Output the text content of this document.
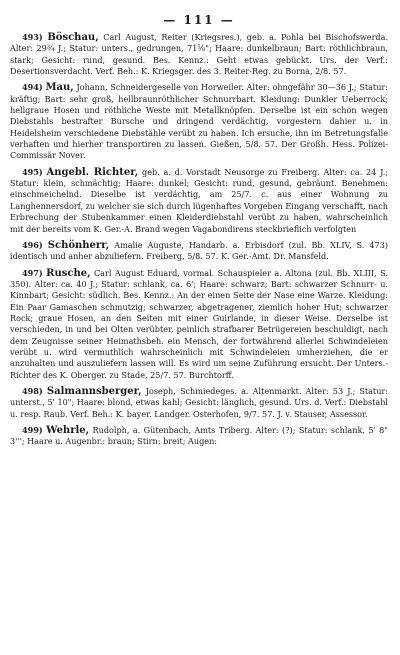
— 111 —

493) Böschau, Carl August, Reiter (Kriegsres.), geb. a. Pohla bei Bischofswerda. Alter: 29¾ J.; Statur: unters., gedrungen, 71⅝"; Haare: dunkelbraun; Bart: röthlichbraun, stark; Gesicht: rund, gesund. Bes. Kennz.: Geht etwas gebückt. Urs. der Verf.: Desertionsverdacht. Verf. Beh.: K. Kriegsger. des 3. Reiter-Reg. zu Borna, 2/8. 57.

494) Mau, Johann, Schneidergeselle von Horweiler. Alter: ohngefähr 30—36 J.; Statur: kräftig; Bart: sehr groß, hellbraunröthlicher Schnurrbart. Kleidung: Dunkler Ueberrock; hellgraue Hosen und röthliche Weste mit Metallknöpfen. Derselbe ist ein schon wegen Diebstahls bestrafter Bursche und dringend verdächtig, vorgestern dahier u. in Heidelsheim verschiedene Diebstähle verübt zu haben. Ich ersuche, ihn im Betretungsfalle verhaften und hierher transportiren zu lassen. Gießen, 5/8. 57. Der Großh. Hess. Polizei-Commissär Nover.

495) Angebl. Richter, geb. a. d. Vorstadt Neusorge zu Freiberg. Alter: ca. 24 J.; Statur: klein, schmächtig; Haare: dunkel; Gesicht: rund, gesund, gebräunt. Benehmen: einschmeichelnd. Dieselbe ist verdächtig, am 25/7. c. aus einer Wohnung zu Langhennersdorf, zu welcher sie sich durch lügenhaftes Vorgeben Eingang verschafft, nach Erbrechung der Stubenkammer einen Kleiderdiebstahl verübt zu haben, wahrscheinlich mit der bereits vom K. Ger.-A. Brand wegen Vagabondirens steckbrieflich verfolgten

496) Schönherr, Amalie Auguste, Handarb. a. Erbisdorf (zul. Bb. XLIV, S. 473) identisch und anher abzuliefern. Freiberg, 5/8. 57. K. Ger.-Amt. Dr. Mansfeld.

497) Rusche, Carl August Eduard, vormal. Schauspieler a. Altona (zul. Bb. XLIII, S. 350). Alter: ca. 40 J.; Statur: schlank, ca. 6'; Haare: schwarz; Bart: schwarzer Schnurr- u. Kinnbart; Gesicht: südlich. Bes. Kennz.: An der einen Seite der Nase eine Warze. Kleidung: Ein Paar Gamaschen schmutzig; schwarzer, abgetragener, ziemlich hoher Hut; schwarzer Rock; graue Hosen, an den Seiten mit einer Guirlande, in dieser Weise. Derselbe ist verschieden, in und bei Olten verübter, peinlich strafbarer Betrügereien beschuldigt, nach dem Zeugnisse seiner Heimathsbeh. ein Mensch, der fortwährend allerlei Schwindeleien verübt u. wird vermuthlich wahrscheinlich mit Schwindeleien umherziehen, die er anzuhalten und auszuliefern lassen will. Es wird um seine Zuführung ersucht. Der Unters.-Richter des K. Oberger. zu Stade, 25/7. 57. Burchtorff.

498) Salmannsberger, Joseph, Schmiedeges. a. Altenmarkt. Alter: 53 J.; Statur: unterst., 5' 10"; Haare: blond, etwas kahl; Gesicht: länglich, gesund. Urs. d. Verf.: Diebstahl u. resp. Raub. Verf. Beh.: K. bayer. Landger. Osterhofen, 9/7. 57. J. v. Stauser, Assessor.

499) Wehrle, Rudolph, a. Gütenbach, Amts Triberg. Alter: (?); Statur: schlank, 5' 8" 3'''; Haare u. Augenbr.: braun; Stirn: breit; Augen:
